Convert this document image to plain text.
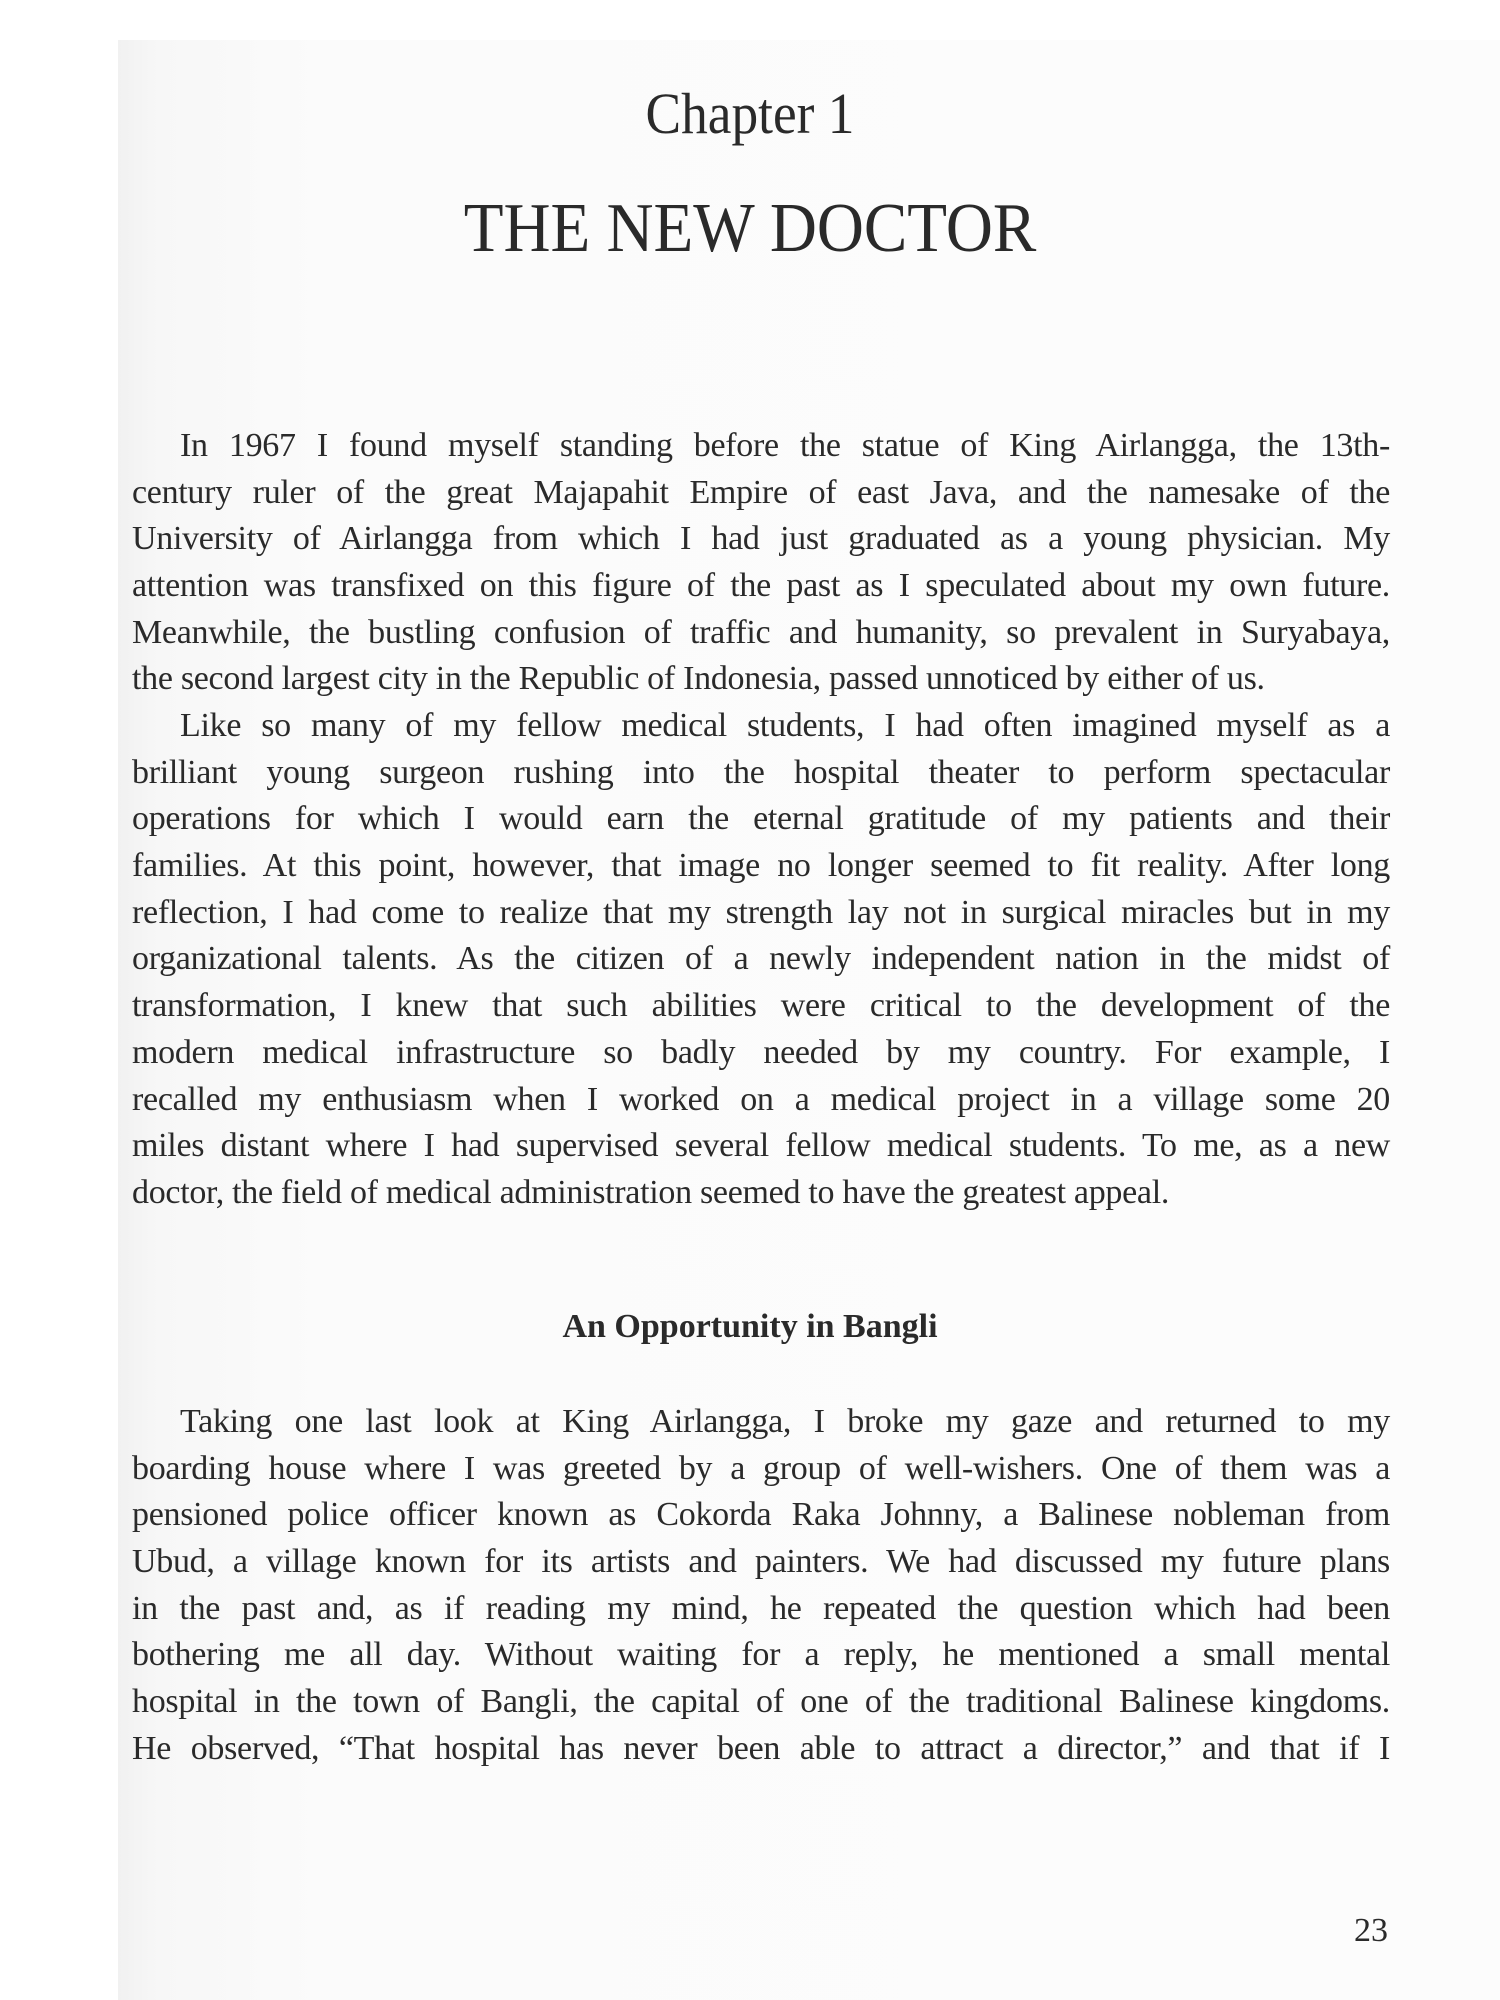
Chapter 1
THE NEW DOCTOR
In 1967 I found myself standing before the statue of King Airlangga, the 13th-
century ruler of the great Majapahit Empire of east Java, and the namesake of the
University of Airlangga from which I had just graduated as a young physician. My
attention was transfixed on this figure of the past as I speculated about my own future.
Meanwhile, the bustling confusion of traffic and humanity, so prevalent in Suryabaya,
the second largest city in the Republic of Indonesia, passed unnoticed by either of us.
Like so many of my fellow medical students, I had often imagined myself as a
brilliant young surgeon rushing into the hospital theater to perform spectacular
operations for which I would earn the eternal gratitude of my patients and their
families. At this point, however, that image no longer seemed to fit reality. After long
reflection, I had come to realize that my strength lay not in surgical miracles but in my
organizational talents. As the citizen of a newly independent nation in the midst of
transformation, I knew that such abilities were critical to the development of the
modern medical infrastructure so badly needed by my country. For example, I
recalled my enthusiasm when I worked on a medical project in a village some 20
miles distant where I had supervised several fellow medical students. To me, as a new
doctor, the field of medical administration seemed to have the greatest appeal.
An Opportunity in Bangli
Taking one last look at King Airlangga, I broke my gaze and returned to my
boarding house where I was greeted by a group of well-wishers. One of them was a
pensioned police officer known as Cokorda Raka Johnny, a Balinese nobleman from
Ubud, a village known for its artists and painters. We had discussed my future plans
in the past and, as if reading my mind, he repeated the question which had been
bothering me all day. Without waiting for a reply, he mentioned a small mental
hospital in the town of Bangli, the capital of one of the traditional Balinese kingdoms.
He observed, “That hospital has never been able to attract a director,” and that if I
23
